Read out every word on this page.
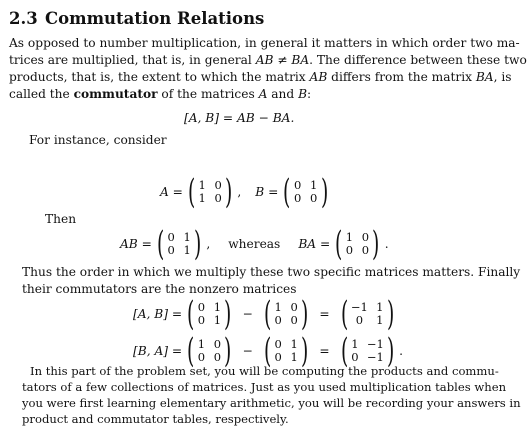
2.3 Commutation Relations
As opposed to number multiplication, in general it matters in which order two ma-
trices are multiplied, that is, in general AB ≠ BA. The difference between these two
products, that is, the extent to which the matrix AB differs from the matrix BA, is
called the commutator of the matrices A and B:
[A, B] = AB − BA.
For instance, consider
A = ( 1 0
1 0 ) , B = ( 0 1
0 0 )
Then
AB = ( 0 1
0 1 ) , whereas BA = ( 1 0
0 0 ) .
Thus the order in which we multiply these two specific matrices matters. Finally
their commutators are the nonzero matrices
[A, B] = ( 0 1
0 1 ) − ( 1 0
0 0 ) = ( −1 1
0	1 )
[B, A] = ( 1 0
0 0 ) − ( 0 1
0 1 ) = ( 1 −1
0 −1 ) .
In this part of the problem set, you will be computing the products and commu-
tators of a few collections of matrices. Just as you used multiplication tables when
you were first learning elementary arithmetic, you will be recording your answers in
product and commutator tables, respectively.
